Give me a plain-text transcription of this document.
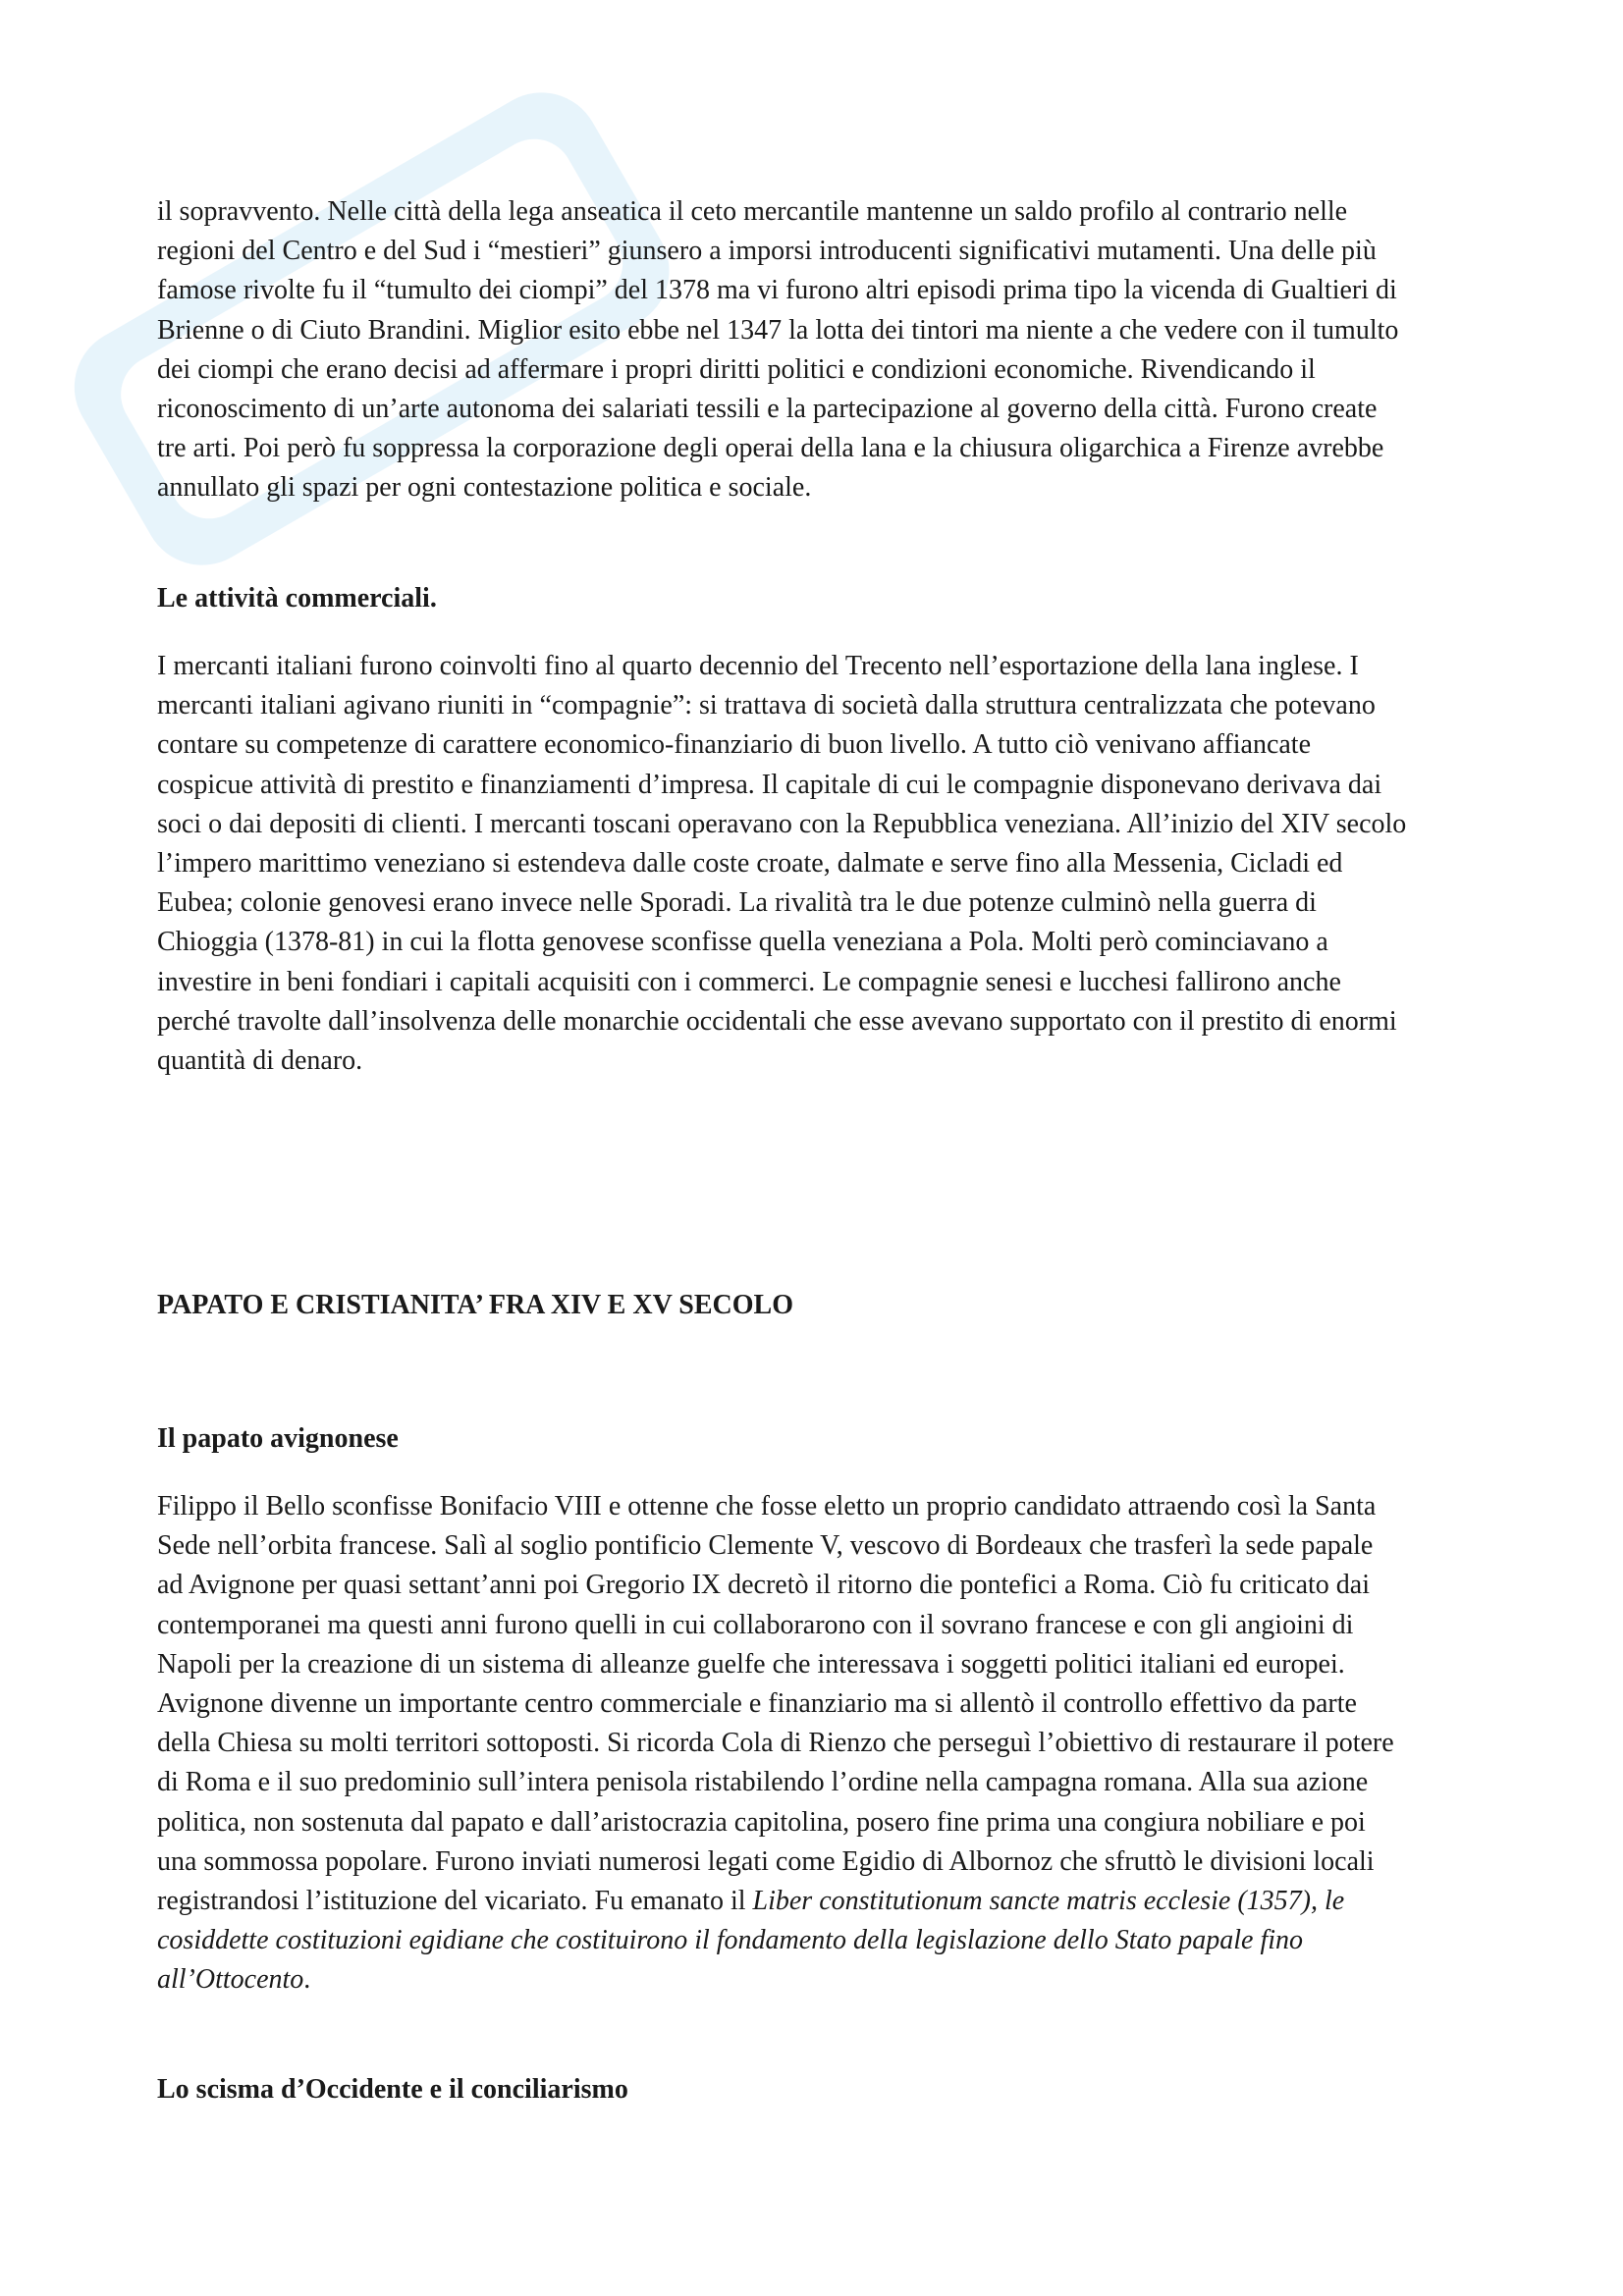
il sopravvento. Nelle città della lega anseatica il ceto mercantile mantenne un saldo profilo al contrario nelle regioni del Centro e del Sud i “mestieri” giunsero a imporsi introducenti significativi mutamenti. Una delle più famose rivolte fu il “tumulto dei ciompi” del 1378 ma vi furono altri episodi prima tipo la vicenda di Gualtieri di Brienne o di Ciuto Brandini. Miglior esito ebbe nel 1347 la lotta dei tintori ma niente a che vedere con il tumulto dei ciompi che erano decisi ad affermare i propri diritti politici e condizioni economiche. Rivendicando il riconoscimento di un’arte autonoma dei salariati tessili e la partecipazione al governo della città. Furono create tre arti. Poi però fu soppressa la corporazione degli operai della lana e la chiusura oligarchica a Firenze avrebbe annullato gli spazi per ogni contestazione politica e sociale.

Le attività commerciali.

I mercanti italiani furono coinvolti fino al quarto decennio del Trecento nell’esportazione della lana inglese. I mercanti italiani agivano riuniti in “compagnie”: si trattava di società dalla struttura centralizzata che potevano contare su competenze di carattere economico-finanziario di buon livello. A tutto ciò venivano affiancate cospicue attività di prestito e finanziamenti d’impresa. Il capitale di cui le compagnie disponevano derivava dai soci o dai depositi di clienti. I mercanti toscani operavano con la Repubblica veneziana. All’inizio del XIV secolo l’impero marittimo veneziano si estendeva dalle coste croate, dalmate e serve fino alla Messenia, Cicladi ed Eubea; colonie genovesi erano invece nelle Sporadi. La rivalità tra le due potenze culminò nella guerra di Chioggia (1378-81) in cui la flotta genovese sconfisse quella veneziana a Pola. Molti però cominciavano a investire in beni fondiari i capitali acquisiti con i commerci. Le compagnie senesi e lucchesi fallirono anche perché travolte dall’insolvenza delle monarchie occidentali che esse avevano supportato con il prestito di enormi quantità di denaro.

PAPATO E CRISTIANITA’ FRA XIV E XV SECOLO

Il papato avignonese

Filippo il Bello sconfisse Bonifacio VIII e ottenne che fosse eletto un proprio candidato attraendo così la Santa Sede nell’orbita francese. Salì al soglio pontificio Clemente V, vescovo di Bordeaux che trasferì la sede papale ad Avignone per quasi settant’anni poi Gregorio IX decretò il ritorno die pontefici a Roma. Ciò fu criticato dai contemporanei ma questi anni furono quelli in cui collaborarono con il sovrano francese e con gli angioini di Napoli per la creazione di un sistema di alleanze guelfe che interessava i soggetti politici italiani ed europei. Avignone divenne un importante centro commerciale e finanziario ma si allentò il controllo effettivo da parte della Chiesa su molti territori sottoposti. Si ricorda Cola di Rienzo che perseguì l’obiettivo di restaurare il potere di Roma e il suo predominio sull’intera penisola ristabilendo l’ordine nella campagna romana. Alla sua azione politica, non sostenuta dal papato e dall’aristocrazia capitolina, posero fine prima una congiura nobiliare e poi una sommossa popolare. Furono inviati numerosi legati come Egidio di Albornoz che sfruttò le divisioni locali registrandosi l’istituzione del vicariato. Fu emanato il Liber constitutionum sancte matris ecclesie (1357), le cosiddette costituzioni egidiane che costituirono il fondamento della legislazione dello Stato papale fino all’Ottocento.

Lo scisma d’Occidente e il conciliarismo
